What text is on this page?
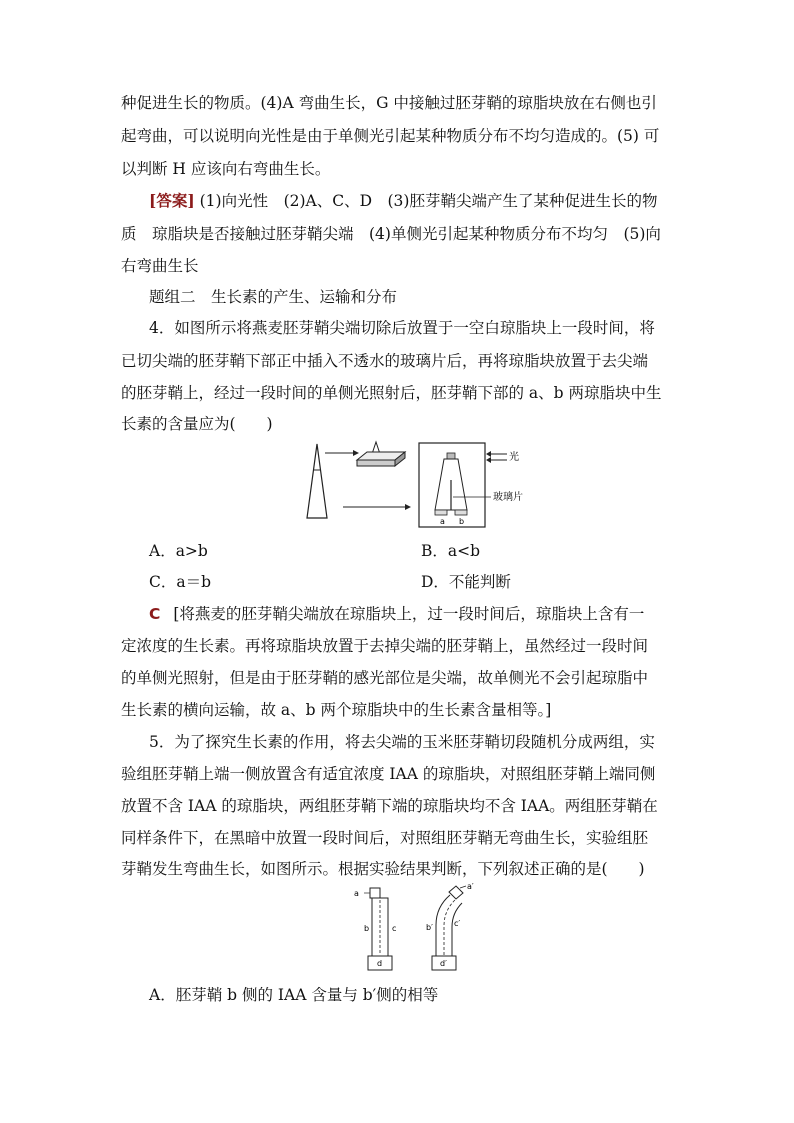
种促进生长的物质。(4)A 弯曲生长，G 中接触过胚芽鞘的琼脂块放在右侧也引
起弯曲，可以说明向光性是由于单侧光引起某种物质分布不均匀造成的。(5) 可
以判断 H 应该向右弯曲生长。
[答案] (1)向光性　(2)A、C、D　(3)胚芽鞘尖端产生了某种促进生长的物
质　琼脂块是否接触过胚芽鞘尖端　(4)单侧光引起某种物质分布不均匀　(5)向
右弯曲生长
题组二　生长素的产生、运输和分布
4．如图所示将燕麦胚芽鞘尖端切除后放置于一空白琼脂块上一段时间，将
已切尖端的胚芽鞘下部正中插入不透水的玻璃片后，再将琼脂块放置于去尖端
的胚芽鞘上，经过一段时间的单侧光照射后，胚芽鞘下部的 a、b 两琼脂块中生
长素的含量应为(　　)
a b
光
玻璃片
A．a>b	B．a<b
C．a＝b	D．不能判断
C [将燕麦的胚芽鞘尖端放在琼脂块上，过一段时间后，琼脂块上含有一
定浓度的生长素。再将琼脂块放置于去掉尖端的胚芽鞘上，虽然经过一段时间
的单侧光照射，但是由于胚芽鞘的感光部位是尖端，故单侧光不会引起琼脂中
生长素的横向运输，故 a、b 两个琼脂块中的生长素含量相等。]
5．为了探究生长素的作用，将去尖端的玉米胚芽鞘切段随机分成两组，实
验组胚芽鞘上端一侧放置含有适宜浓度 IAA 的琼脂块，对照组胚芽鞘上端同侧
放置不含 IAA 的琼脂块，两组胚芽鞘下端的琼脂块均不含 IAA。两组胚芽鞘在
同样条件下，在黑暗中放置一段时间后，对照组胚芽鞘无弯曲生长，实验组胚
芽鞘发生弯曲生长，如图所示。根据实验结果判断，下列叙述正确的是(　　)
a
b	c
d
a′
b′	c′
d′
A．胚芽鞘 b 侧的 IAA 含量与 b′侧的相等
